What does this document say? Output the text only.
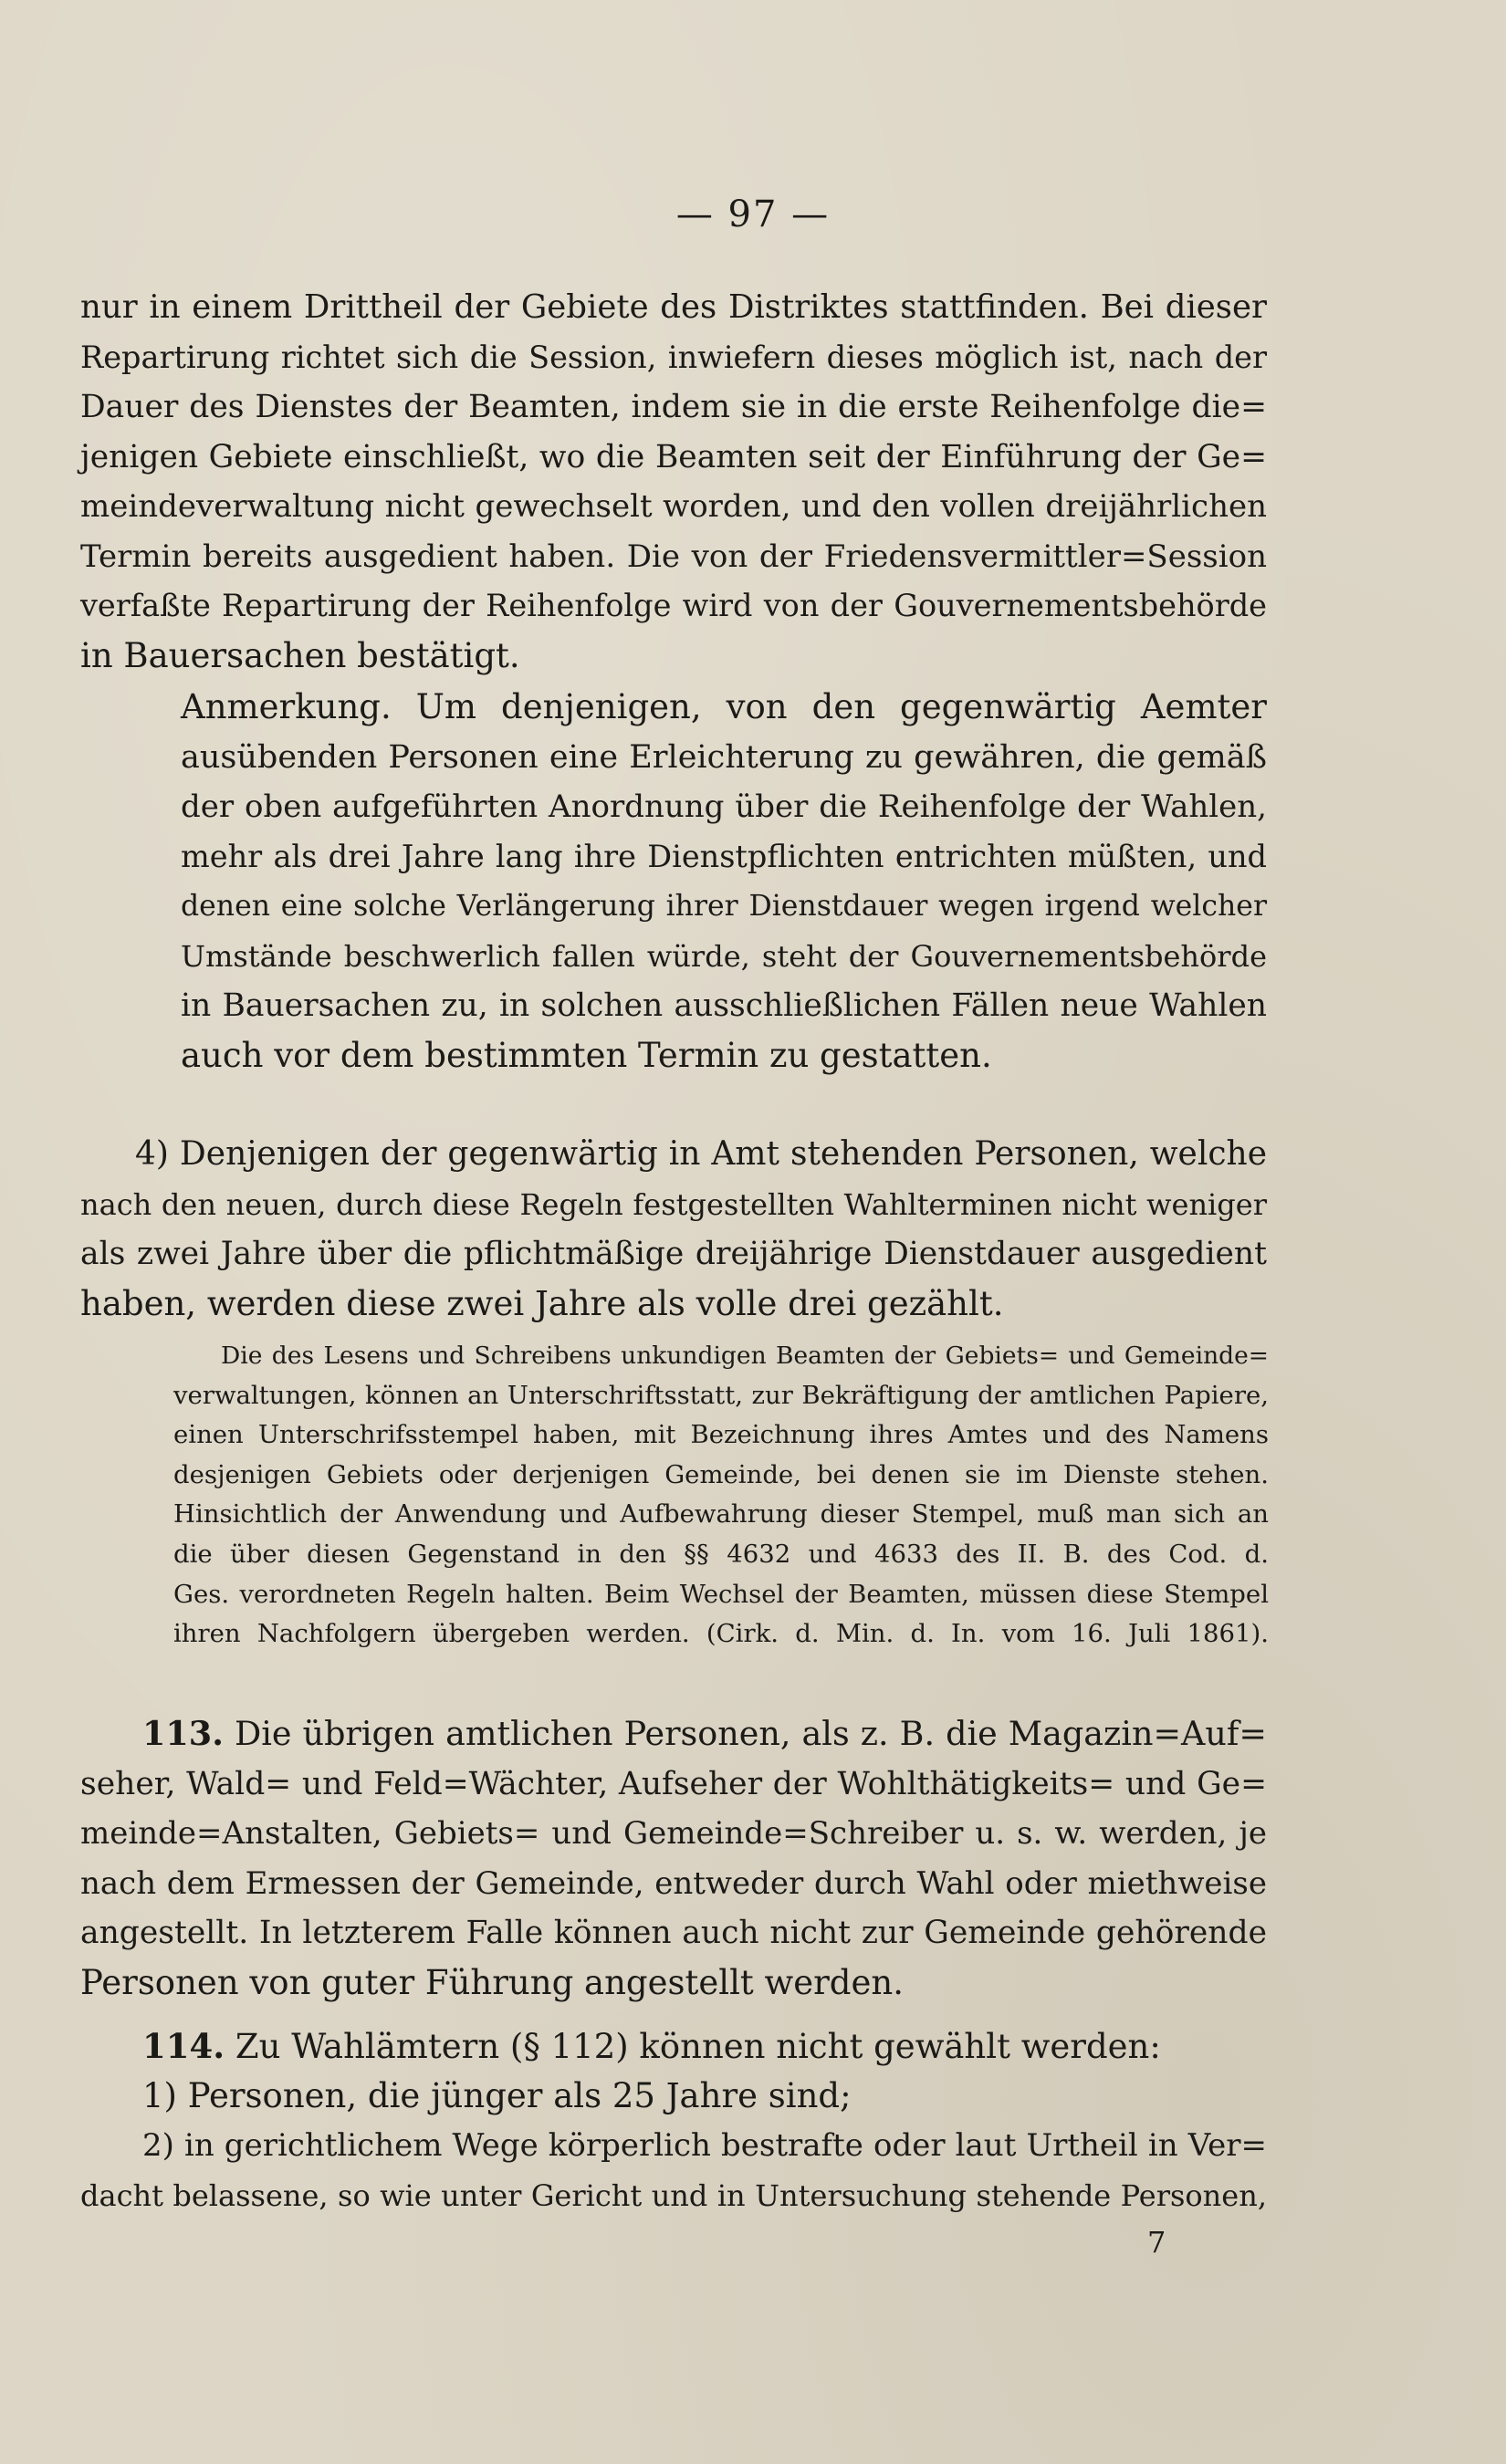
— 97 —
nur in einem Drittheil der Gebiete des Distriktes stattfinden. Bei dieser
Repartirung richtet sich die Session, inwiefern dieses möglich ist, nach der
Dauer des Dienstes der Beamten, indem sie in die erste Reihenfolge die=
jenigen Gebiete einschließt, wo die Beamten seit der Einführung der Ge=
meindeverwaltung nicht gewechselt worden, und den vollen dreijährlichen
Termin bereits ausgedient haben. Die von der Friedensvermittler=Session
verfaßte Repartirung der Reihenfolge wird von der Gouvernementsbehörde
in Bauersachen bestätigt.
Anmerkung. Um denjenigen, von den gegenwärtig Aemter
ausübenden Personen eine Erleichterung zu gewähren, die gemäß
der oben aufgeführten Anordnung über die Reihenfolge der Wahlen,
mehr als drei Jahre lang ihre Dienstpflichten entrichten müßten, und
denen eine solche Verlängerung ihrer Dienstdauer wegen irgend welcher
Umstände beschwerlich fallen würde, steht der Gouvernementsbehörde
in Bauersachen zu, in solchen ausschließlichen Fällen neue Wahlen
auch vor dem bestimmten Termin zu gestatten.
4) Denjenigen der gegenwärtig in Amt stehenden Personen, welche
nach den neuen, durch diese Regeln festgestellten Wahlterminen nicht weniger
als zwei Jahre über die pflichtmäßige dreijährige Dienstdauer ausgedient
haben, werden diese zwei Jahre als volle drei gezählt.
Die des Lesens und Schreibens unkundigen Beamten der Gebiets= und Gemeinde=
verwaltungen, können an Unterschriftsstatt, zur Bekräftigung der amtlichen Papiere,
einen Unterschrifsstempel haben, mit Bezeichnung ihres Amtes und des Namens
desjenigen Gebiets oder derjenigen Gemeinde, bei denen sie im Dienste stehen.
Hinsichtlich der Anwendung und Aufbewahrung dieser Stempel, muß man sich an
die über diesen Gegenstand in den §§ 4632 und 4633 des II. B. des Cod. d.
Ges. verordneten Regeln halten. Beim Wechsel der Beamten, müssen diese Stempel
ihren Nachfolgern übergeben werden. (Cirk. d. Min. d. In. vom 16. Juli 1861).
113. Die übrigen amtlichen Personen, als z. B. die Magazin=Auf=
seher, Wald= und Feld=Wächter, Aufseher der Wohlthätigkeits= und Ge=
meinde=Anstalten, Gebiets= und Gemeinde=Schreiber u. s. w. werden, je
nach dem Ermessen der Gemeinde, entweder durch Wahl oder miethweise
angestellt. In letzterem Falle können auch nicht zur Gemeinde gehörende
Personen von guter Führung angestellt werden.
114. Zu Wahlämtern (§ 112) können nicht gewählt werden:
1) Personen, die jünger als 25 Jahre sind;
2) in gerichtlichem Wege körperlich bestrafte oder laut Urtheil in Ver=
dacht belassene, so wie unter Gericht und in Untersuchung stehende Personen,
7
